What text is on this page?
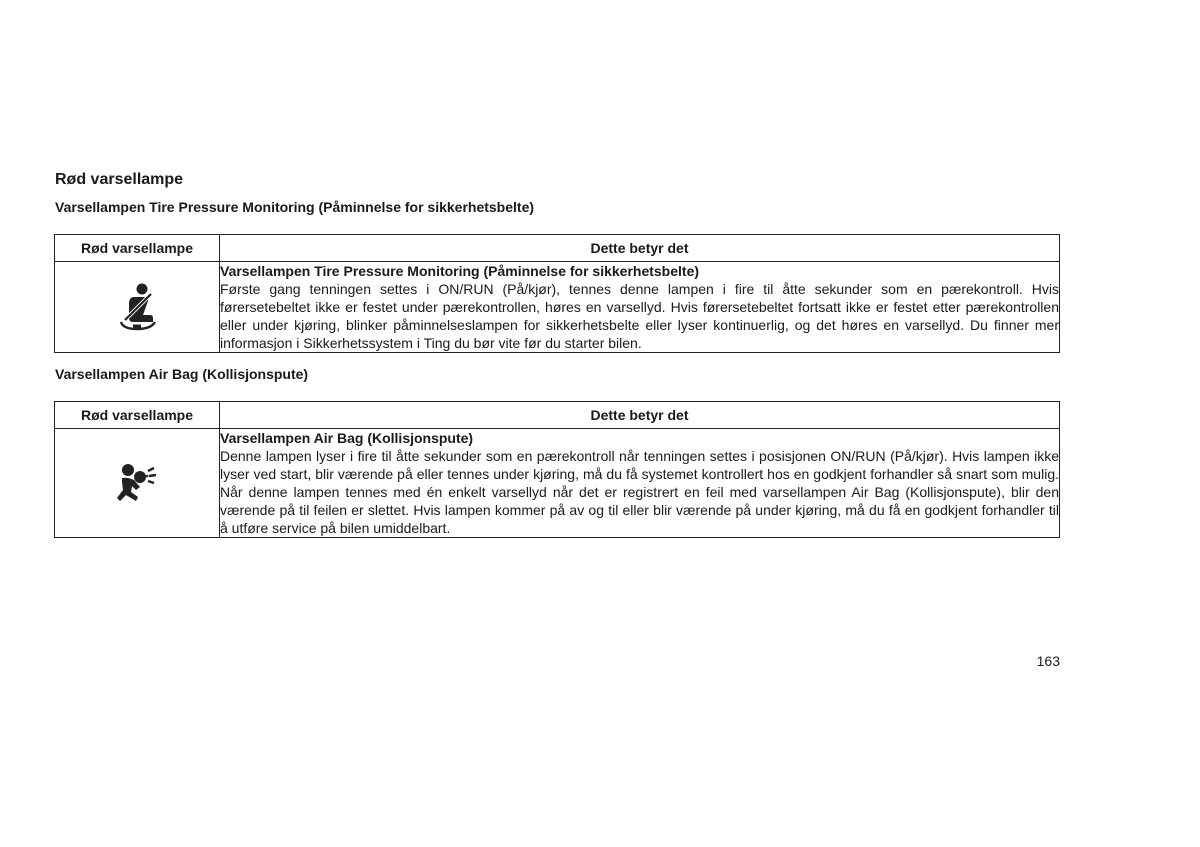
Rød varsellampe
Varsellampen Tire Pressure Monitoring (Påminnelse for sikkerhetsbelte)
Rød varsellampe	Dette betyr det

Varsellampen Tire Pressure Monitoring (Påminnelse for sikkerhetsbelte)
Første gang tenningen settes i ON/RUN (På/kjør), tennes denne lampen i fire til åtte sekunder som en pærekontroll. Hvis førersetebeltet ikke er festet under pærekontrollen, høres en varsellyd. Hvis førersetebeltet fortsatt ikke er festet etter pærekontrollen eller under kjøring, blinker påminnelseslampen for sikkerhetsbelte eller lyser kontinuerlig, og det høres en varsellyd. Du finner mer informasjon i Sikkerhetssystem i Ting du bør vite før du starter bilen.
Varsellampen Air Bag (Kollisjonspute)
Rød varsellampe	Dette betyr det

Varsellampen Air Bag (Kollisjonspute)
Denne lampen lyser i fire til åtte sekunder som en pærekontroll når tenningen settes i posisjonen ON/RUN (På/kjør). Hvis lampen ikke lyser ved start, blir værende på eller tennes under kjøring, må du få systemet kontrollert hos en godkjent forhandler så snart som mulig. Når denne lampen tennes med én enkelt varsellyd når det er registrert en feil med varsellampen Air Bag (Kollisjonspute), blir den værende på til feilen er slettet. Hvis lampen kommer på av og til eller blir værende på under kjøring, må du få en godkjent forhandler til å utføre service på bilen umiddelbart.

163
